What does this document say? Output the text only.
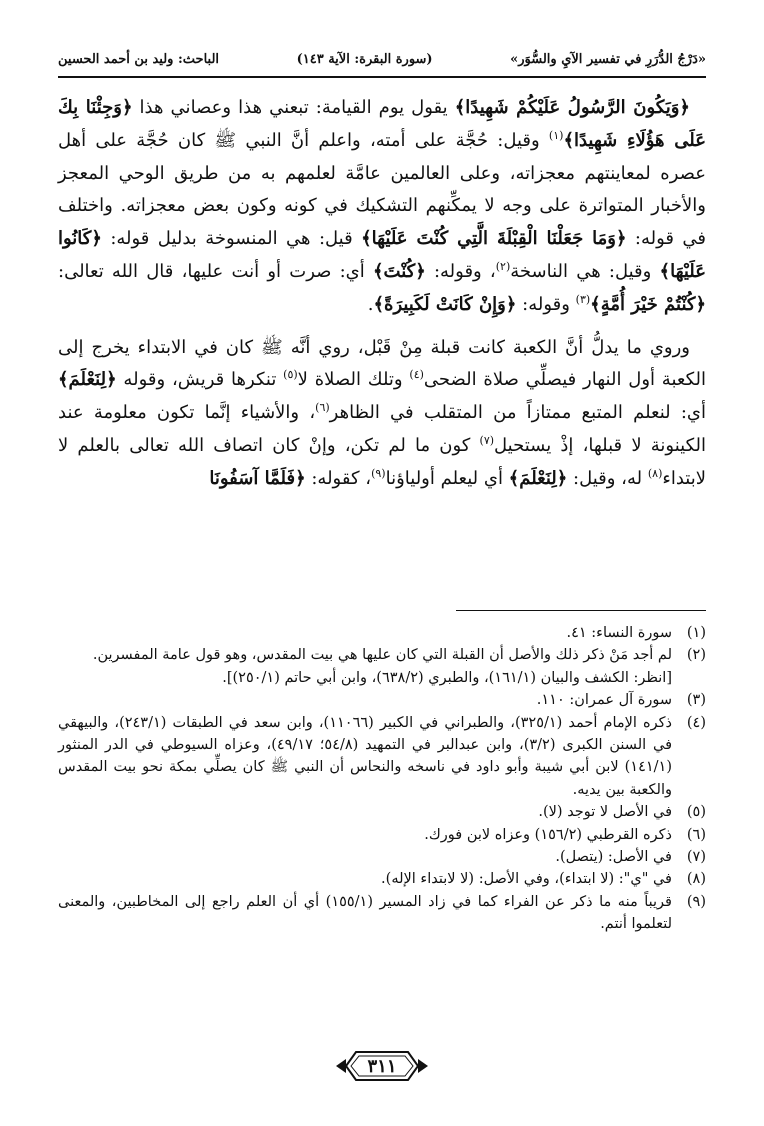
«دَرْجُ الدُّرَرِ في تفسير الآيِ والسُّوَر»
(سورة البقرة: الآية ١٤٣)
الباحث: وليد بن أحمد الحسين

﴿وَيَكُونَ الرَّسُولُ عَلَيْكُمْ شَهِيدًا﴾ يقول يوم القيامة: تبعني هذا وعصاني هذا ﴿وَجِئْنَا بِكَ عَلَى هَؤُلَاءِ شَهِيدًا﴾$^{(١)}$ وقيل: حُجَّة على أمته، واعلم أنَّ النبي ﷺ كان حُجَّة على أهل عصره لمعاينتهم معجزاته، وعلى العالمين عامَّة لعلمهم به من طريق الوحي المعجز والأخبار المتواترة على وجه لا يمكِّنهم التشكيك في كونه وكون بعض معجزاته. واختلف في قوله: ﴿وَمَا جَعَلْنَا الْقِبْلَةَ الَّتِي كُنْتَ عَلَيْهَا﴾ قيل: هي المنسوخة بدليل قوله: ﴿كَانُوا عَلَيْهَا﴾ وقيل: هي الناسخة$^{(٢)}$، وقوله: ﴿كُنْتَ﴾ أي: صرت أو أنت عليها، قال الله تعالى: ﴿كُنْتُمْ خَيْرَ أُمَّةٍ﴾$^{(٣)}$ وقوله: ﴿وَإِنْ كَانَتْ لَكَبِيرَةً﴾.

وروي ما يدلُّ أنَّ الكعبة كانت قبلة مِنْ قَبْل، روي أنَّه ﷺ كان في الابتداء يخرج إلى الكعبة أول النهار فيصلِّي صلاة الضحى$^{(٤)}$ وتلك الصلاة لا$^{(٥)}$ تنكرها قريش، وقوله ﴿لِنَعْلَمَ﴾ أي: لنعلم المتبع ممتازاً من المتقلب في الظاهر$^{(٦)}$، والأشياء إنَّما تكون معلومة عند الكينونة لا قبلها، إذْ يستحيل$^{(٧)}$ كون ما لم تكن، وإنْ كان اتصاف الله تعالى بالعلم لا لابتداء$^{(٨)}$ له، وقيل: ﴿لِنَعْلَمَ﴾ أي ليعلم أولياؤنا$^{(٩)}$، كقوله: ﴿فَلَمَّا آسَفُونَا

(١)
سورة النساء: ٤١.
(٢)
لم أجد مَنْ ذكر ذلك والأصل أن القبلة التي كان عليها هي بيت المقدس، وهو قول عامة المفسرين.
[انظر: الكشف والبيان (١٦١/١)، والطبري (٦٣٨/٢)، وابن أبي حاتم (٢٥٠/١)].
(٣)
سورة آل عمران: ١١٠.
(٤)
ذكره الإمام أحمد (٣٢٥/١)، والطبراني في الكبير (١١٠٦٦)، وابن سعد في الطبقات (٢٤٣/١)، والبيهقي في السنن الكبرى (٣/٢)، وابن عبدالبر في التمهيد (٥٤/٨؛ ٤٩/١٧)، وعزاه السيوطي في الدر المنثور (١٤١/١) لابن أبي شيبة وأبو داود في ناسخه والنحاس أن النبي ﷺ كان يصلِّي بمكة نحو بيت المقدس والكعبة بين يديه.
(٥)
في الأصل لا توجد (لا).
(٦)
ذكره القرطبي (١٥٦/٢) وعزاه لابن فورك.
(٧)
في الأصل: (يتصل).
(٨)
في "ي": (لا ابتداء)، وفي الأصل: (لا لابتداء الإله).
(٩)
قريباً منه ما ذكر عن الفراء كما في زاد المسير (١٥٥/١) أي أن العلم راجع إلى المخاطبين، والمعنى لتعلموا أنتم.
٣١١
